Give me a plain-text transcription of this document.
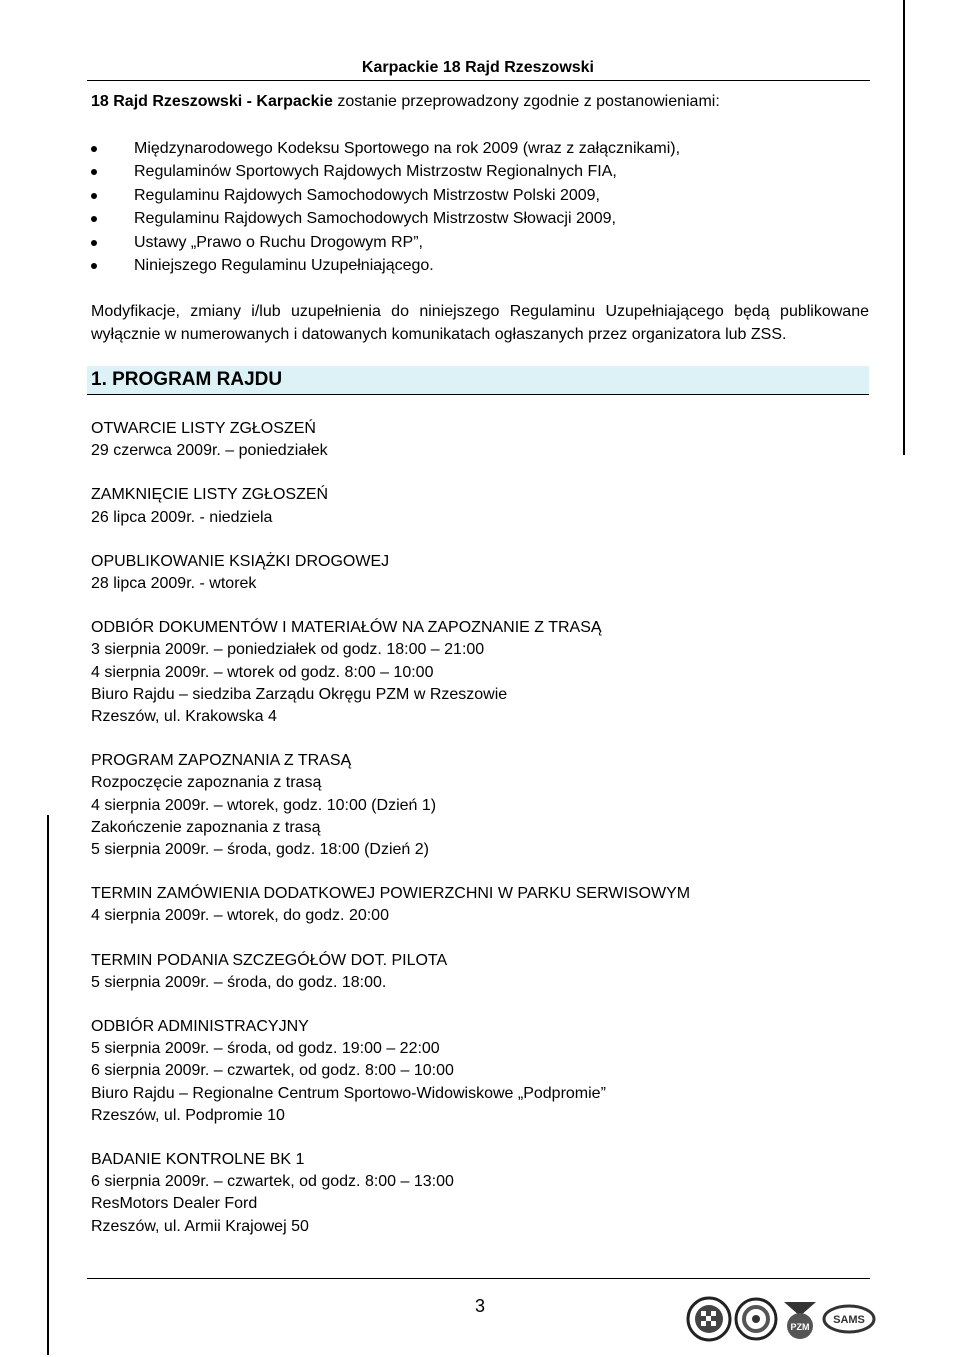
Karpackie 18 Rajd Rzeszowski
18 Rajd Rzeszowski - Karpackie zostanie przeprowadzony zgodnie z postanowieniami:
Międzynarodowego Kodeksu Sportowego na rok 2009 (wraz z załącznikami),
Regulaminów Sportowych Rajdowych Mistrzostw Regionalnych FIA,
Regulaminu Rajdowych Samochodowych Mistrzostw Polski 2009,
Regulaminu Rajdowych Samochodowych Mistrzostw Słowacji 2009,
Ustawy „Prawo o Ruchu Drogowym RP”,
Niniejszego Regulaminu Uzupełniającego.
Modyfikacje, zmiany i/lub uzupełnienia do niniejszego Regulaminu Uzupełniającego będą publikowane wyłącznie w numerowanych i datowanych komunikatach ogłaszanych przez organizatora lub ZSS.
1. PROGRAM RAJDU
OTWARCIE LISTY ZGŁOSZEŃ
29 czerwca 2009r. – poniedziałek
ZAMKNIĘCIE LISTY ZGŁOSZEŃ
26 lipca 2009r. - niedziela
OPUBLIKOWANIE KSIĄŻKI DROGOWEJ
28 lipca 2009r. - wtorek
ODBIÓR DOKUMENTÓW I MATERIAŁÓW NA ZAPOZNANIE Z TRASĄ
3 sierpnia 2009r. – poniedziałek od godz. 18:00 – 21:00
4 sierpnia 2009r. – wtorek od godz. 8:00 – 10:00
Biuro Rajdu – siedziba Zarządu Okręgu PZM w Rzeszowie
Rzeszów, ul. Krakowska 4
PROGRAM ZAPOZNANIA Z TRASĄ
Rozpoczęcie zapoznania z trasą
4 sierpnia 2009r. – wtorek, godz. 10:00 (Dzień 1)
Zakończenie zapoznania z trasą
5 sierpnia 2009r. – środa, godz. 18:00 (Dzień 2)
TERMIN ZAMÓWIENIA DODATKOWEJ POWIERZCHNI W PARKU SERWISOWYM
4 sierpnia 2009r. – wtorek, do godz. 20:00
TERMIN PODANIA SZCZEGÓŁÓW DOT. PILOTA
5 sierpnia 2009r. – środa, do godz. 18:00.
ODBIÓR ADMINISTRACYJNY
5 sierpnia 2009r. – środa, od godz. 19:00 – 22:00
6 sierpnia 2009r. – czwartek, od godz. 8:00 – 10:00
Biuro Rajdu – Regionalne Centrum Sportowo-Widowiskowe „Podpromie”
Rzeszów, ul. Podpromie 10
BADANIE KONTROLNE BK 1
6 sierpnia 2009r. – czwartek, od godz. 8:00 – 13:00
ResMotors Dealer Ford
Rzeszów, ul. Armii Krajowej 50
3
PZM
SAMS
